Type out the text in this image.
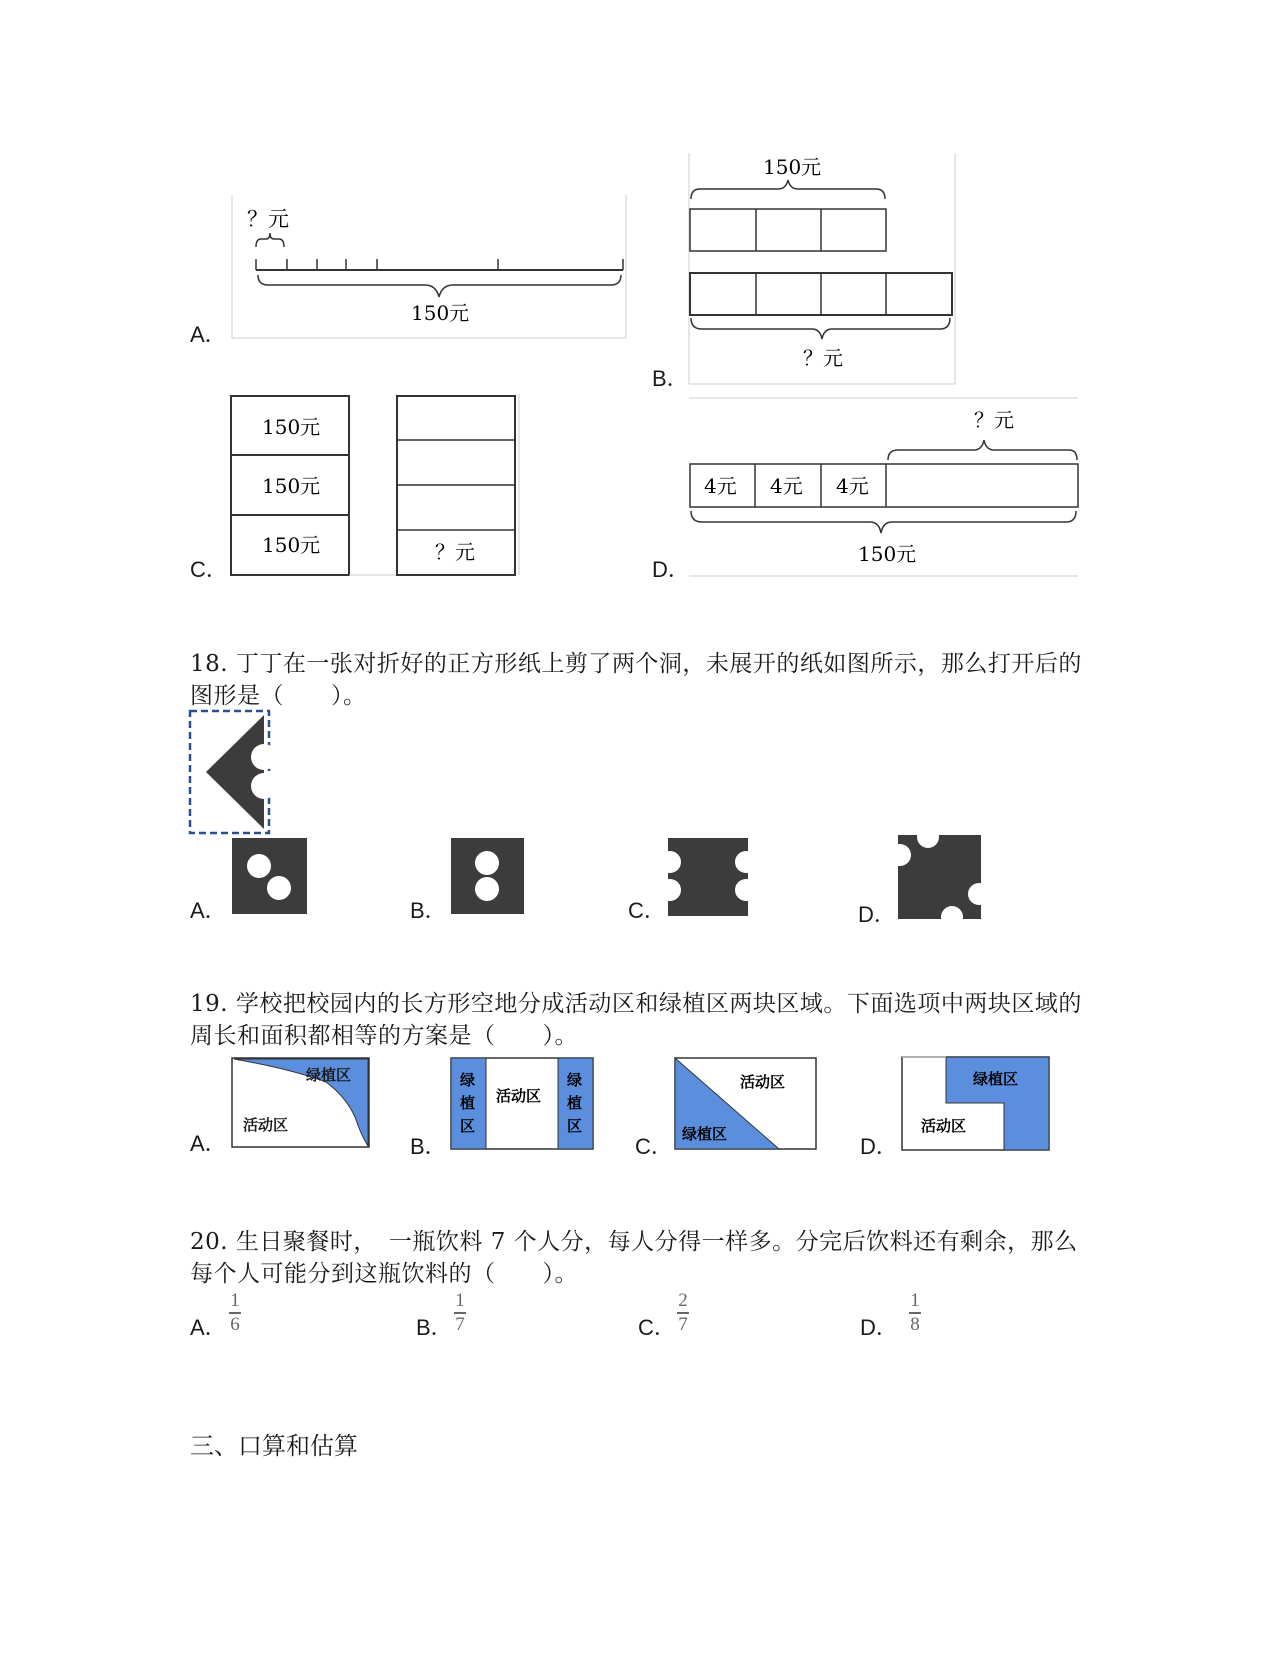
A．
？元
150元
B．
150元
？元
C．
150元
150元
150元	？元
D．
？元
4元 4元 4元
150元
18. 丁丁在一张对折好的正方形纸上剪了两个洞，未展开的纸如图所示，那么打开后的图形是（　　）。
A．	B．	C．	D．
19. 学校把校园内的长方形空地分成活动区和绿植区两块区域。下面选项中两块区域的周长和面积都相等的方案是（　　）。
A．
绿植区
活动区
B．
绿
植
区
绿
植
区
活动区
C．
活动区
绿植区	D．
绿植区
活动区
20. 生日聚餐时，　一瓶饮料 7 个人分，每人分得一样多。分完后饮料还有剩余，那么每个人可能分到这瓶饮料的（　　）。
A．
1
6	B．
1
7	C．
2
7	D．
1
8
三、口算和估算
